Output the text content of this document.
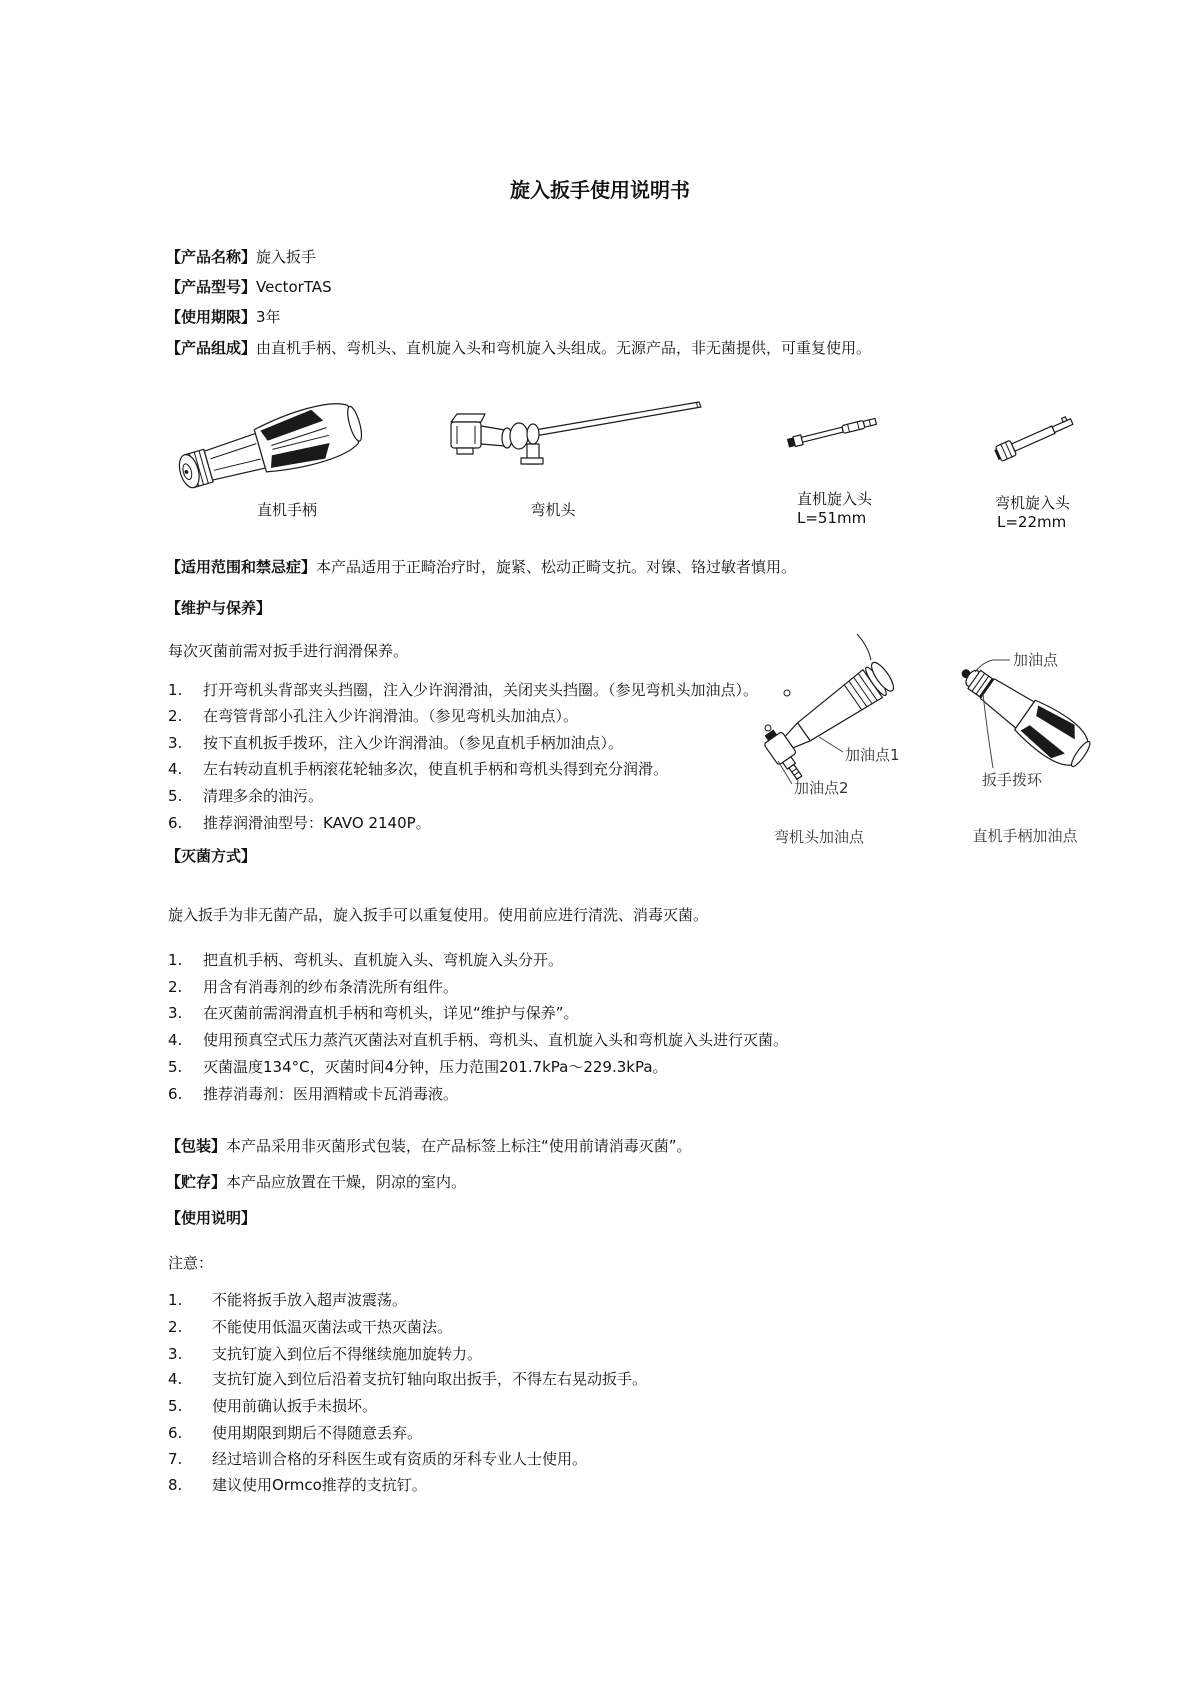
旋入扳手使用说明书
【产品名称】旋入扳手
【产品型号】VectorTAS
【使用期限】3年
【产品组成】由直机手柄、弯机头、直机旋入头和弯机旋入头组成。无源产品，非无菌提供，可重复使用。
直机手柄	弯机头
直机旋入头
L=51mm
弯机旋入头
L=22mm
【适用范围和禁忌症】本产品适用于正畸治疗时，旋紧、松动正畸支抗。对镍、铬过敏者慎用。
【维护与保养】
每次灭菌前需对扳手进行润滑保养。
1. 打开弯机头背部夹头挡圈，注入少许润滑油，关闭夹头挡圈。（参见弯机头加油点）。
2. 在弯管背部小孔注入少许润滑油。（参见弯机头加油点）。
3. 按下直机扳手拨环，注入少许润滑油。（参见直机手柄加油点）。
4. 左右转动直机手柄滚花轮轴多次，使直机手柄和弯机头得到充分润滑。
5. 清理多余的油污。
6. 推荐润滑油型号：KAVO 2140P。
加油点1
加油点2
弯机头加油点
加油点
扳手拨环
直机手柄加油点
【灭菌方式】
旋入扳手为非无菌产品，旋入扳手可以重复使用。使用前应进行清洗、消毒灭菌。
1. 把直机手柄、弯机头、直机旋入头、弯机旋入头分开。
2. 用含有消毒剂的纱布条清洗所有组件。
3. 在灭菌前需润滑直机手柄和弯机头，详见“维护与保养”。
4. 使用预真空式压力蒸汽灭菌法对直机手柄、弯机头、直机旋入头和弯机旋入头进行灭菌。
5. 灭菌温度134°C，灭菌时间4分钟，压力范围201.7kPa～229.3kPa。
6. 推荐消毒剂：医用酒精或卡瓦消毒液。
【包装】本产品采用非灭菌形式包装，在产品标签上标注“使用前请消毒灭菌”。
【贮存】本产品应放置在干燥，阴凉的室内。
【使用说明】
注意：
1. 不能将扳手放入超声波震荡。
2. 不能使用低温灭菌法或干热灭菌法。
3. 支抗钉旋入到位后不得继续施加旋转力。
4. 支抗钉旋入到位后沿着支抗钉轴向取出扳手，不得左右晃动扳手。
5. 使用前确认扳手未损坏。
6. 使用期限到期后不得随意丢弃。
7. 经过培训合格的牙科医生或有资质的牙科专业人士使用。
8. 建议使用Ormco推荐的支抗钉。
